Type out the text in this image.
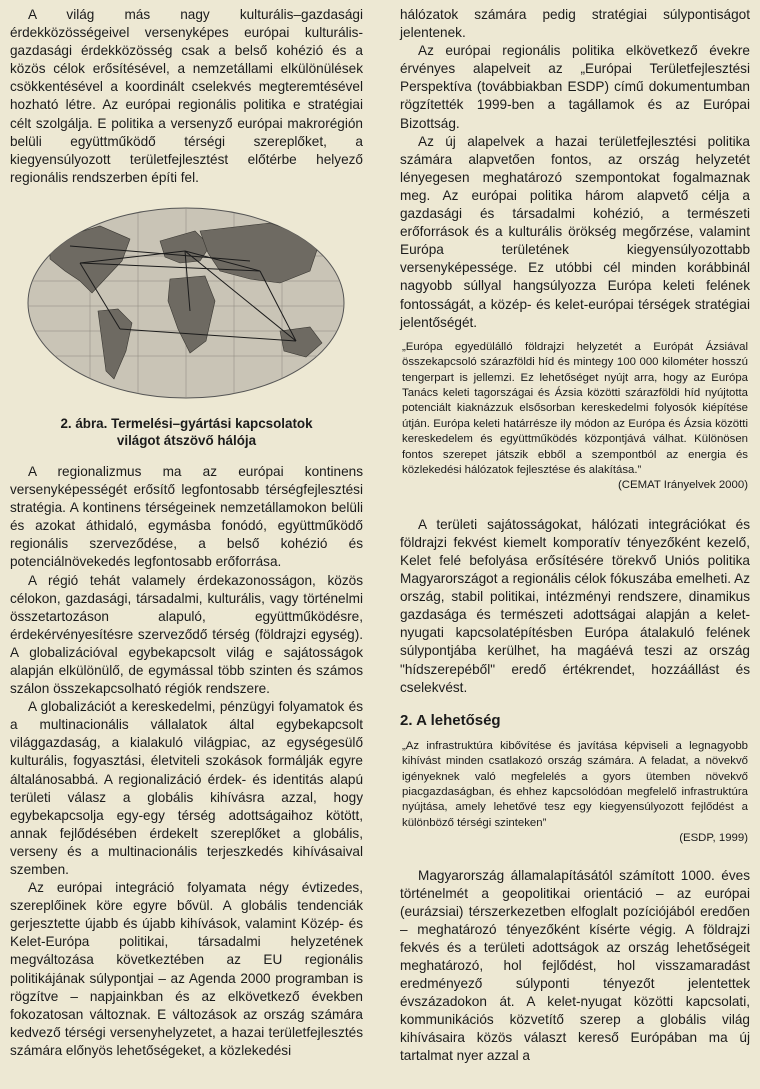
A világ más nagy kulturális–gazdasági érdekközösségeivel versenyképes európai kulturális-gazdasági érdekközösség csak a belső kohézió és a közös célok erősítésével, a nemzetállami elkülönülések csökkentésével a koordinált cselekvés megteremtésével hozható létre. Az európai regionális politika e stratégiai célt szolgálja. E politika a versenyző európai makrorégión belüli együttműködő térségi szereplőket, a kiegyensúlyozott területfejlesztést előtérbe helyező regionális rendszerben építi fel.

2. ábra. Termelési–gyártási kapcsolatok
világot átszövő hálója

A regionalizmus ma az európai kontinens versenyképességét erősítő legfontosabb térségfejlesztési stratégia. A kontinens térségeinek nemzetállamokon belüli és azokat áthidaló, egymásba fonódó, együttműködő regionális szerveződése, a belső kohézió és potenciálnövekedés legfontosabb erőforrása.

A régió tehát valamely érdekazonosságon, közös célokon, gazdasági, társadalmi, kulturális, vagy történelmi összetartozáson alapuló, együttműködésre, érdekérvényesítésre szerveződő térség (földrajzi egység). A globalizációval egybekapcsolt világ e sajátosságok alapján elkülönülő, de egymással több szinten és számos szálon összekapcsolható régiók rendszere.

A globalizációt a kereskedelmi, pénzügyi folyamatok és a multinacionális vállalatok által egybekapcsolt világgazdaság, a kialakuló világpiac, az egységesülő kulturális, fogyasztási, életviteli szokások formálják egyre általánosabbá. A regionalizáció érdek- és identitás alapú területi válasz a globális kihívásra azzal, hogy egybekapcsolja egy-egy térség adottságaihoz kötött, annak fejlődésében érdekelt szereplőket a globális, verseny és a multinacionális terjeszkedés kihívásaival szemben.

Az európai integráció folyamata négy évtizedes, szereplőinek köre egyre bővül. A globális tendenciák gerjesztette újabb és újabb kihívások, valamint Közép- és Kelet-Európa politikai, társadalmi helyzetének megváltozása következtében az EU regionális politikájának súlypontjai – az Agenda 2000 programban is rögzítve – napjainkban és az elkövetkező években fokozatosan változnak. E változások az ország számára kedvező térségi versenyhelyzetet, a hazai területfejlesztés számára előnyös lehetőségeket, a közlekedési

hálózatok számára pedig stratégiai súlypontiságot jelentenek.

Az európai regionális politika elkövetkező évekre érvényes alapelveit az „Európai Területfejlesztési Perspektíva (továbbiakban ESDP) című dokumentumban rögzítették 1999-ben a tagállamok és az Európai Bizottság.

Az új alapelvek a hazai területfejlesztési politika számára alapvetően fontos, az ország helyzetét lényegesen meghatározó szempontokat fogalmaznak meg. Az európai politika három alapvető célja a gazdasági és társadalmi kohézió, a természeti erőforrások és a kulturális örökség megőrzése, valamint Európa területének kiegyensúlyozottabb versenyképessége. Ez utóbbi cél minden korábbinál nagyobb súllyal hangsúlyozza Európa keleti felének fontosságát, a közép- és kelet-európai térségek stratégiai jelentőségét.

„Európa egyedülálló földrajzi helyzetét a Európát Ázsiával összekapcsoló szárazföldi híd és mintegy 100 000 kilométer hosszú tengerpart is jellemzi. Ez lehetőséget nyújt arra, hogy az Európa Tanács keleti tagországai és Ázsia közötti szárazföldi híd nyújtotta potenciált kiaknázzuk elsősorban kereskedelmi folyosók kiépítése útján. Európa keleti határrésze ily módon az Európa és Ázsia közötti kereskedelem és együttműködés központjává válhat. Különösen fontos szerepet játszik ebből a szempontból az energia és közlekedési hálózatok fejlesztése és alakítása.”

(CEMAT Irányelvek 2000)

A területi sajátosságokat, hálózati integrációkat és földrajzi fekvést kiemelt komporatív tényezőként kezelő, Kelet felé befolyása erősítésére törekvő Uniós politika Magyarországot a regionális célok fókuszába emelheti. Az ország, stabil politikai, intézményi rendszere, dinamikus gazdasága és természeti adottságai alapján a kelet-nyugati kapcsolatépítésben Európa átalakuló felének súlypontjába kerülhet, ha magáévá teszi az ország "hídszerepéből" eredő értékrendet, hozzáállást és cselekvést.

2. A lehetőség

„Az infrastruktúra kibővítése és javítása képviseli a legnagyobb kihívást minden csatlakozó ország számára. A feladat, a növekvő igényeknek való megfelelés a gyors ütemben növekvő piacgazdaságban, és ehhez kapcsolódóan megfelelő infrastruktúra nyújtása, amely lehetővé tesz egy kiegyensúlyozott fejlődést a különböző térségi szinteken”

(ESDP, 1999)

Magyarország államalapításától számított 1000. éves történelmét a geopolitikai orientáció – az európai (eurázsiai) térszerkezetben elfoglalt pozíciójából eredően – meghatározó tényezőként kísérte végig. A földrajzi fekvés és a területi adottságok az ország lehetőségeit meghatározó, hol fejlődést, hol visszamaradást eredményező súlyponti tényezőt jelentettek évszázadokon át. A kelet-nyugat közötti kapcsolati, kommunikációs közvetítő szerep a globális világ kihívásaira közös választ kereső Európában ma új tartalmat nyer azzal a
